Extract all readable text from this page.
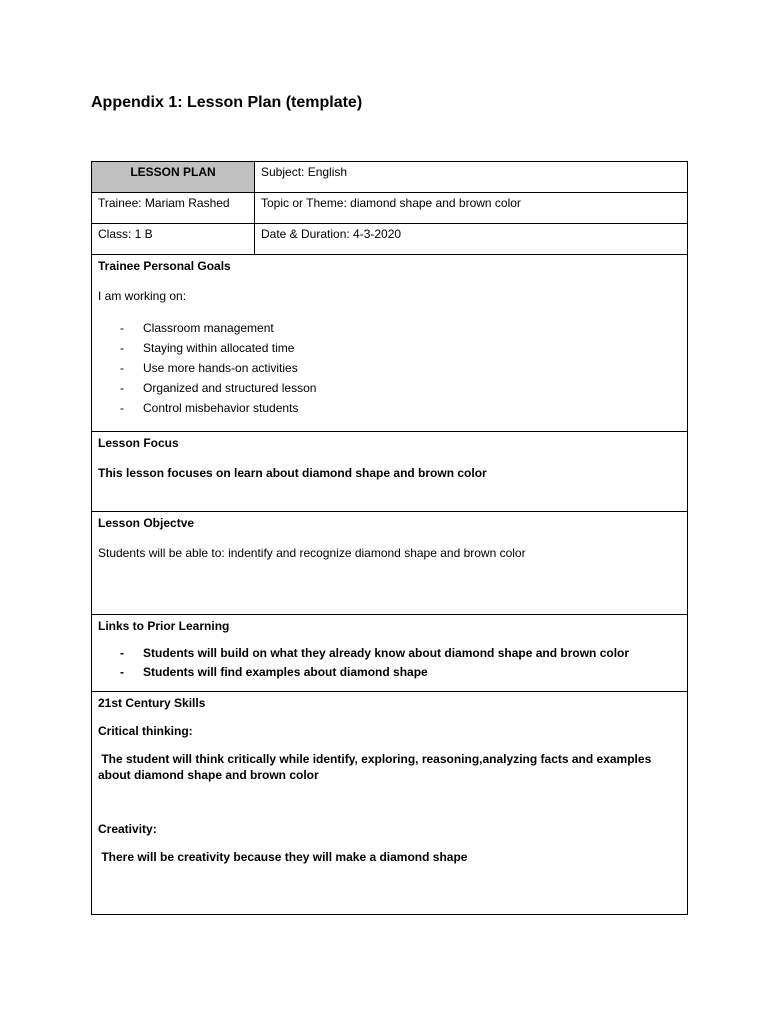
Appendix 1: Lesson Plan (template)
LESSON PLAN	Subject: English
Trainee: Mariam Rashed	Topic or Theme: diamond shape and brown color
Class: 1 B	Date & Duration: 4-3-2020

Trainee Personal Goals

I am working on:

- Classroom management
- Staying within allocated time
- Use more hands-on activities
- Organized and structured lesson
- Control misbehavior students

Lesson Focus

This lesson focuses on learn about diamond shape and brown color

Lesson Objectve

Students will be able to: indentify and recognize diamond shape and brown color

Links to Prior Learning

- Students will build on what they already know about diamond shape and brown color
- Students will find examples about diamond shape

21st Century Skills

Critical thinking:

The student will think critically while identify, exploring, reasoning,analyzing facts and examples

about diamond shape and brown color

Creativity:

There will be creativity because they will make a diamond shape
